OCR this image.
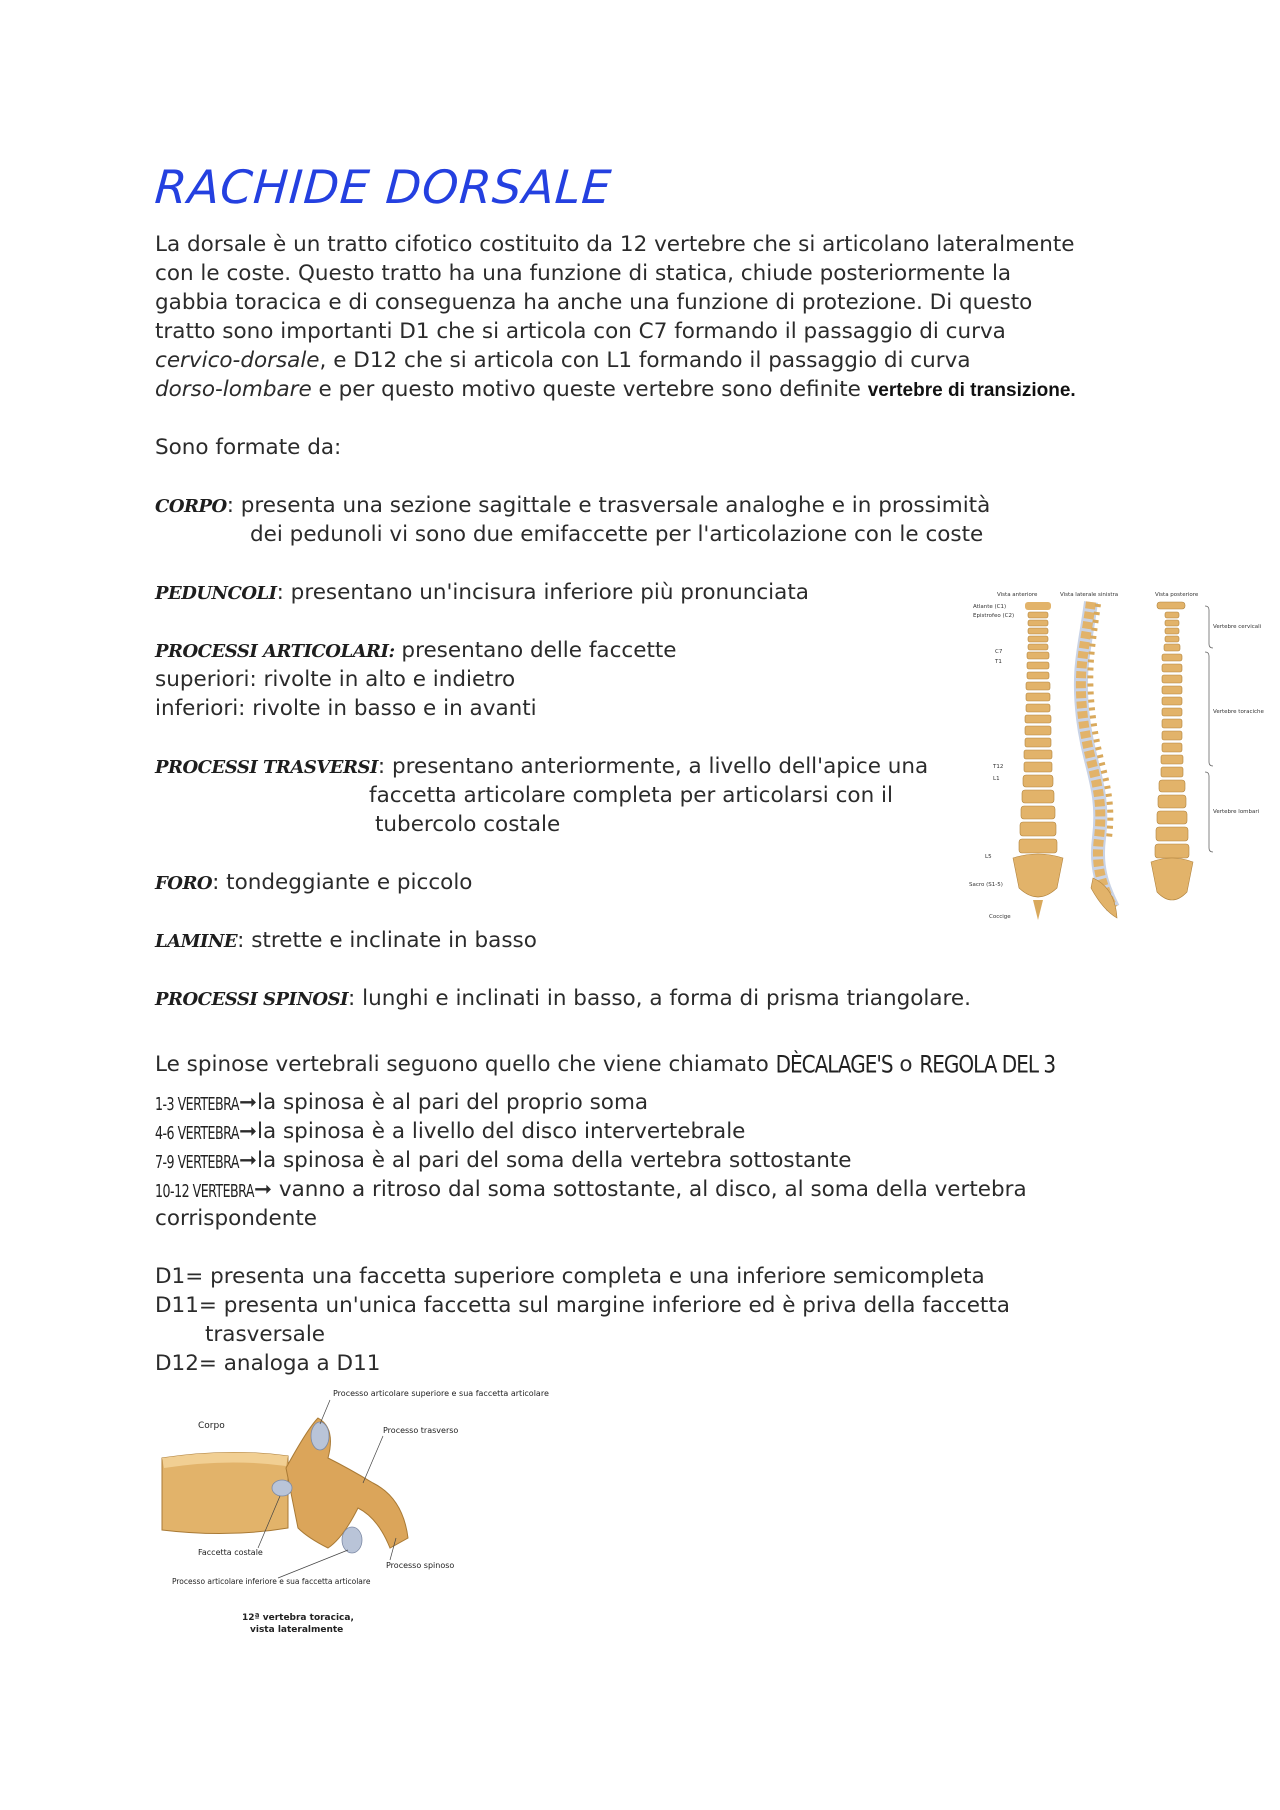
RACHIDE DORSALE
La dorsale è un tratto cifotico costituito da 12 vertebre che si articolano lateralmente
con le coste. Questo tratto ha una funzione di statica, chiude posteriormente la
gabbia toracica e di conseguenza ha anche una funzione di protezione. Di questo
tratto sono importanti D1 che si articola con C7 formando il passaggio di curva
cervico-dorsale, e D12 che si articola con L1 formando il passaggio di curva
dorso-lombare e per questo motivo queste vertebre sono definite vertebre di transizione.
Sono formate da:
CORPO: presenta una sezione sagittale e trasversale analoghe e in prossimità
dei pedunoli vi sono due emifaccette per l'articolazione con le coste
PEDUNCOLI: presentano un'incisura inferiore più pronunciata
PROCESSI ARTICOLARI: presentano delle faccette
superiori: rivolte in alto e indietro
inferiori: rivolte in basso e in avanti
PROCESSI TRASVERSI: presentano anteriormente, a livello dell'apice una
faccetta articolare completa per articolarsi con il
tubercolo costale
FORO: tondeggiante e piccolo
LAMINE: strette e inclinate in basso
PROCESSI SPINOSI: lunghi e inclinati in basso, a forma di prisma triangolare.
Le spinose vertebrali seguono quello che viene chiamato DÈCALAGE'S o REGOLA DEL 3
1-3 VERTEBRA➞la spinosa è al pari del proprio soma
4-6 VERTEBRA➞la spinosa è a livello del disco intervertebrale
7-9 VERTEBRA➞la spinosa è al pari del soma della vertebra sottostante
10-12 VERTEBRA➞ vanno a ritroso dal soma sottostante, al disco, al soma della vertebra
corrispondente
D1= presenta una faccetta superiore completa e una inferiore semicompleta
D11= presenta un'unica faccetta sul margine inferiore ed è priva della faccetta
trasversale
D12= analoga a D11
Vista anteriore	Vista laterale sinistra	Vista posteriore
Atlante (C1)
Epistrofeo (C2)
C7
T1
T12
L1
L5
Sacro (S1-5)
Coccige
Vertebre cervicali
Vertebre toraciche
Vertebre lombari
Corpo
Processo articolare superiore e sua faccetta articolare
Processo trasverso
Faccetta costale
Processo spinoso
Processo articolare inferiore e sua faccetta articolare
12ª vertebra toracica,
vista lateralmente
